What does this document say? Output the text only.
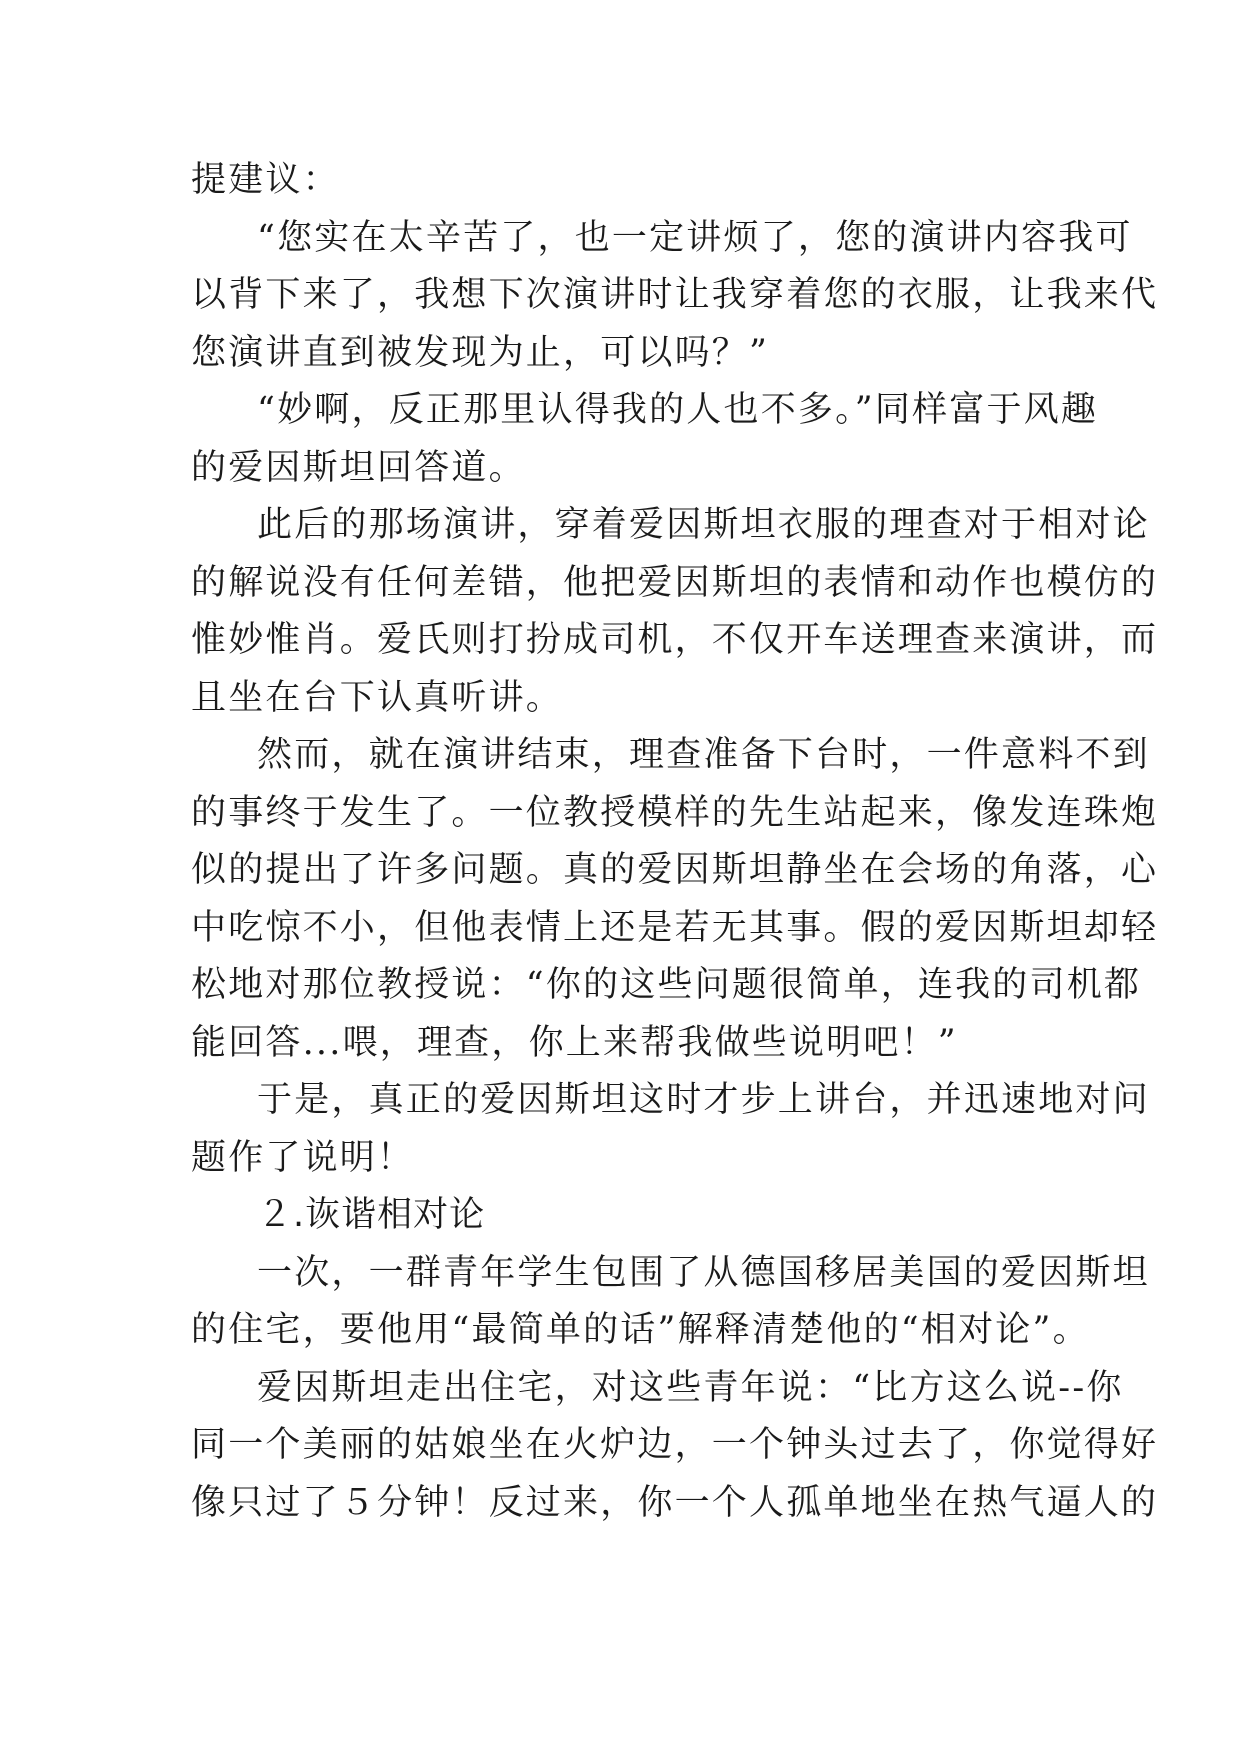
提建议：
“您实在太辛苦了，也一定讲烦了，您的演讲内容我可
以背下来了，我想下次演讲时让我穿着您的衣服，让我来代
您演讲直到被发现为止，可以吗？”
“妙啊，反正那里认得我的人也不多。”同样富于风趣
的爱因斯坦回答道。
此后的那场演讲，穿着爱因斯坦衣服的理查对于相对论
的解说没有任何差错，他把爱因斯坦的表情和动作也模仿的
惟妙惟肖。爱氏则打扮成司机，不仅开车送理查来演讲，而
且坐在台下认真听讲。
然而，就在演讲结束，理查准备下台时，一件意料不到
的事终于发生了。一位教授模样的先生站起来，像发连珠炮
似的提出了许多问题。真的爱因斯坦静坐在会场的角落，心
中吃惊不小，但他表情上还是若无其事。假的爱因斯坦却轻
松地对那位教授说：“你的这些问题很简单，连我的司机都
能回答...喂，理查，你上来帮我做些说明吧！”
于是，真正的爱因斯坦这时才步上讲台，并迅速地对问
题作了说明！
２.诙谐相对论
一次，一群青年学生包围了从德国移居美国的爱因斯坦
的住宅，要他用“最简单的话”解释清楚他的“相对论”。
爱因斯坦走出住宅，对这些青年说：“比方这么说--你
同一个美丽的姑娘坐在火炉边，一个钟头过去了，你觉得好
像只过了５分钟！反过来，你一个人孤单地坐在热气逼人的
